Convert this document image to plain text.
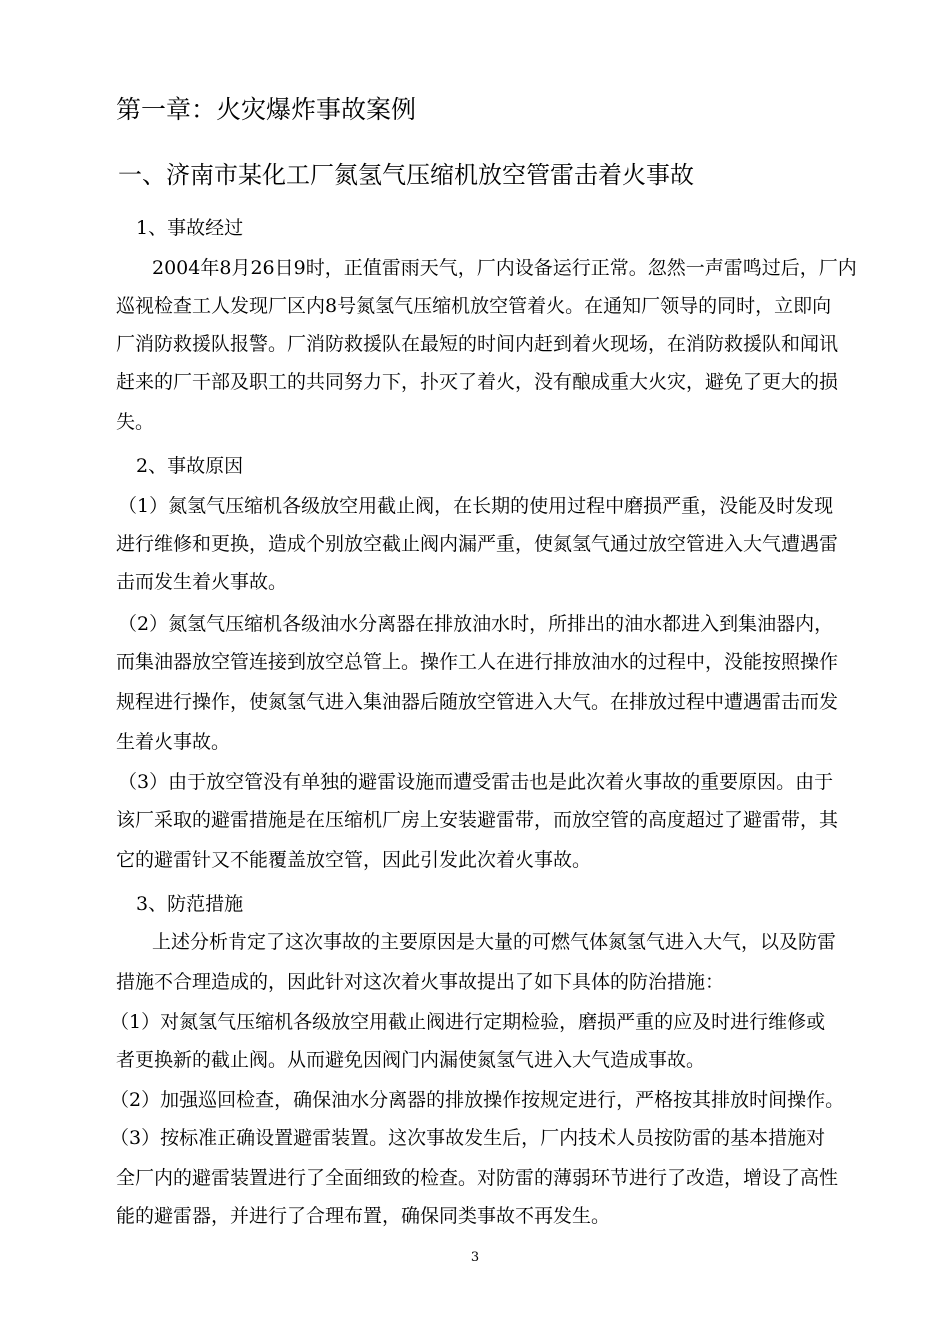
第一章：火灾爆炸事故案例
一、济南市某化工厂氮氢气压缩机放空管雷击着火事故
1、事故经过
2004年8月26日9时，正值雷雨天气，厂内设备运行正常。忽然一声雷鸣过后，厂内
巡视检查工人发现厂区内8号氮氢气压缩机放空管着火。在通知厂领导的同时，立即向
厂消防救援队报警。厂消防救援队在最短的时间内赶到着火现场，在消防救援队和闻讯
赶来的厂干部及职工的共同努力下，扑灭了着火，没有酿成重大火灾，避免了更大的损
失。
2、事故原因
（1）氮氢气压缩机各级放空用截止阀，在长期的使用过程中磨损严重，没能及时发现
进行维修和更换，造成个别放空截止阀内漏严重，使氮氢气通过放空管进入大气遭遇雷
击而发生着火事故。
（2）氮氢气压缩机各级油水分离器在排放油水时，所排出的油水都进入到集油器内，
而集油器放空管连接到放空总管上。操作工人在进行排放油水的过程中，没能按照操作
规程进行操作，使氮氢气进入集油器后随放空管进入大气。在排放过程中遭遇雷击而发
生着火事故。
（3）由于放空管没有单独的避雷设施而遭受雷击也是此次着火事故的重要原因。由于
该厂采取的避雷措施是在压缩机厂房上安装避雷带，而放空管的高度超过了避雷带，其
它的避雷针又不能覆盖放空管，因此引发此次着火事故。
3、防范措施
上述分析肯定了这次事故的主要原因是大量的可燃气体氮氢气进入大气，以及防雷
措施不合理造成的，因此针对这次着火事故提出了如下具体的防治措施：
（1）对氮氢气压缩机各级放空用截止阀进行定期检验，磨损严重的应及时进行维修或
者更换新的截止阀。从而避免因阀门内漏使氮氢气进入大气造成事故。
（2）加强巡回检查，确保油水分离器的排放操作按规定进行，严格按其排放时间操作。
（3）按标准正确设置避雷装置。这次事故发生后，厂内技术人员按防雷的基本措施对
全厂内的避雷装置进行了全面细致的检查。对防雷的薄弱环节进行了改造，增设了高性
能的避雷器，并进行了合理布置，确保同类事故不再发生。
3
